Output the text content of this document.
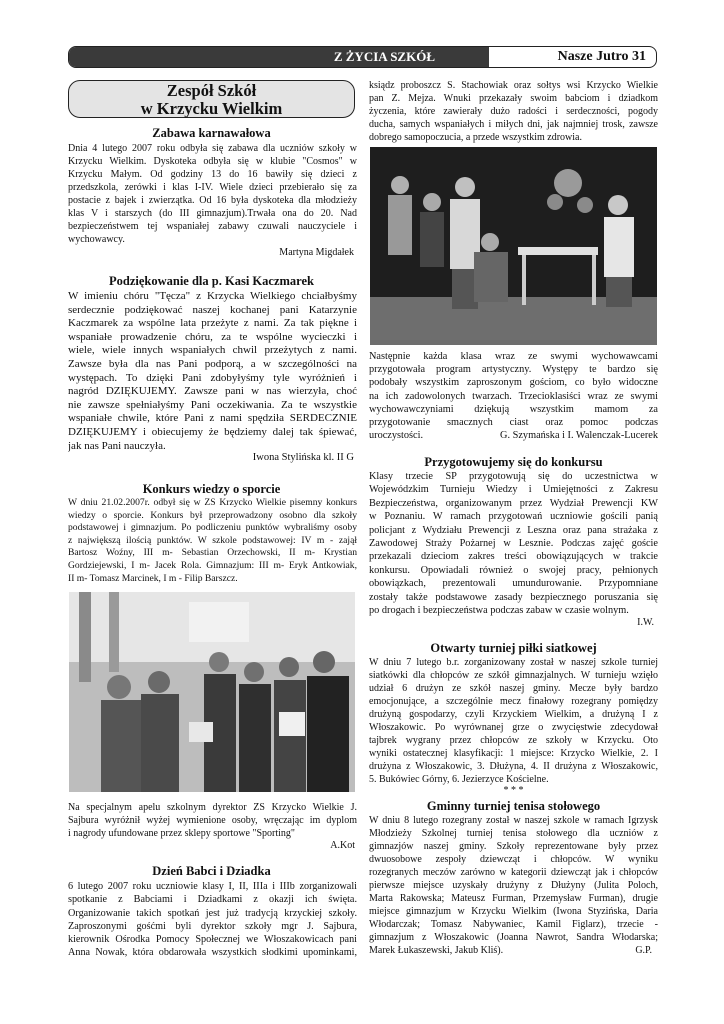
Z ŻYCIA SZKÓŁ	Nasze Jutro 31
Zespół Szkół
w Krzycku Wielkim
Zabawa karnawałowa
Dnia 4 lutego 2007 roku odbyła się zabawa dla uczniów szkoły w
Krzycku Wielkim. Dyskoteka odbyła się w klubie "Cosmos" w
Krzycku Małym. Od godziny 13 do 16 bawiły się dzieci z
przedszkola, zerówki i klas I-IV. Wiele dzieci przebierało się za
postacie z bajek i zwierzątka. Od 16 była dyskoteka dla młodzieży
klas V i starszych (do III gimnazjum).Trwała ona do 20. Nad
bezpieczeństwem tej wspaniałej zabawy czuwali nauczyciele i
wychowawcy.
Martyna Migdałek
Podziękowanie dla p. Kasi Kaczmarek
W imieniu chóru "Tęcza" z Krzycka Wielkiego chciałbyśmy
serdecznie podziękować naszej kochanej pani Katarzynie
Kaczmarek za wspólne lata przeżyte z nami. Za tak piękne i
wspaniałe prowadzenie chóru, za te wspólne wycieczki i
wiele, wiele innych wspaniałych chwil przeżytych z nami.
Zawsze była dla nas Pani podporą, a w szczególności na
występach. To dzięki Pani zdobyłyśmy tyle wyróżnień i
nagród DZIĘKUJEMY. Zawsze pani w nas wierzyła, choć
nie zawsze spełniałyśmy Pani oczekiwania. Za te wszystkie
wspaniałe chwile, które Pani z nami spędziła SERDECZNIE
DZIĘKUJEMY i obiecujemy że będziemy dalej tak śpiewać,
jak nas Pani nauczyła.
Iwona Stylińska kl. II G
Konkurs wiedzy o sporcie
W dniu 21.02.2007r. odbył się w ZS Krzycko Wielkie pisemny konkurs
wiedzy o sporcie. Konkurs był przeprowadzony osobno dla szkoły
podstawowej i gimnazjum. Po podliczeniu punktów wybraliśmy osoby
z największą ilością punktów. W szkole podstawowej: IV m - zajął
Bartosz Woźny, III m- Sebastian Orzechowski, II m- Krystian
Gordziejewski, I m- Jacek Rola. Gimnazjum: III m- Eryk Antkowiak,
II m- Tomasz Marcinek, I m - Filip Barszcz.
Na specjalnym apelu szkolnym dyrektor ZS Krzycko Wielkie J.
Sajbura wyróżnił wyżej wymienione osoby, wręczając im dyplom
i nagrody ufundowane przez sklepy sportowe "Sporting"
A.Kot
Dzień Babci i Dziadka
6 lutego 2007 roku uczniowie klasy I, II, IIIa i IIIb zorganizowali
spotkanie z Babciami i Dziadkami z okazji ich święta.
Organizowanie takich spotkań jest już tradycją krzyckiej szkoły.
Zaproszonymi gośćmi byli dyrektor szkoły mgr J. Sajbura,
kierownik Ośrodka Pomocy Społecznej we Włoszakowicach pani
Anna Nowak, która obdarowała wszystkich słodkimi upominkami,
ksiądz proboszcz S. Stachowiak oraz sołtys wsi Krzycko Wielkie
pan Z. Mejza. Wnuki przekazały swoim babciom i dziadkom
życzenia, które zawierały dużo radości i serdeczności, pogody
ducha, samych wspaniałych i miłych dni, jak najmniej trosk, zawsze
dobrego samopoczucia, a przede wszystkim zdrowia.
Następnie każda klasa wraz ze swymi wychowawcami
przygotowała program artystyczny. Występy te bardzo się
podobały wszystkim zaproszonym gościom, co było widoczne
na ich zadowolonych twarzach. Trzecioklasiści wraz ze swymi
wychowawczyniami dziękują wszystkim mamom za
przygotowanie smacznych ciast oraz pomoc podczas
uroczystości.	G. Szymańska i I. Walenczak-Lucerek
Przygotowujemy się do konkursu
Klasy trzecie SP przygotowują się do uczestnictwa w
Wojewódzkim Turnieju Wiedzy i Umiejętności z Zakresu
Bezpieczeństwa, organizowanym przez Wydział Prewencji KW
w Poznaniu. W ramach przygotowań uczniowie gościli panią
policjant z Wydziału Prewencji z Leszna oraz pana strażaka z
Zawodowej Straży Pożarnej w Lesznie. Podczas zajęć goście
przekazali dzieciom zakres treści obowiązujących w trakcie
konkursu. Opowiadali również o swojej pracy, pełnionych
obowiązkach, prezentowali umundurowanie. Przypomniane
zostały także podstawowe zasady bezpiecznego poruszania się
po drogach i bezpieczeństwa podczas zabaw w czasie wolnym.
I.W.
Otwarty turniej piłki siatkowej
W dniu 7 lutego b.r. zorganizowany został w naszej szkole turniej
siatkówki dla chłopców ze szkół gimnazjalnych. W turnieju wzięło
udział 6 drużyn ze szkół naszej gminy. Mecze były bardzo
emocjonujące, a szczególnie mecz finałowy rozegrany pomiędzy
drużyną gospodarzy, czyli Krzyckiem Wielkim, a drużyną I z
Włoszakowic. Po wyrównanej grze o zwycięstwie zdecydował
tajbrek wygrany przez chłopców ze szkoły w Krzycku. Oto
wyniki ostatecznej klasyfikacji: 1 miejsce: Krzycko Wielkie, 2. I
drużyna z Włoszakowic, 3. Dłużyna, 4. II drużyna z Włoszakowic,
5. Bukówiec Górny, 6. Jezierzyce Kościelne.
* * *
Gminny turniej tenisa stołowego
W dniu 8 lutego rozegrany został w naszej szkole w ramach Igrzysk
Młodzieży Szkolnej turniej tenisa stołowego dla uczniów z
gimnazjów naszej gminy. Szkoły reprezentowane były przez
dwuosobowe zespoły dziewcząt i chłopców. W wyniku
rozegranych meczów zarówno w kategorii dziewcząt jak i chłopców
pierwsze miejsce uzyskały drużyny z Dłużyny (Julita Poloch,
Marta Rakowska; Mateusz Furman, Przemysław Furman), drugie
miejsce gimnazjum w Krzycku Wielkim (Iwona Styzińska, Daria
Włodarczak; Tomasz Nabywaniec, Kamil Figlarz), trzecie -
gimnazjum z Włoszakowic (Joanna Nawrot, Sandra Włodarska;
Marek Łukaszewski, Jakub Kliś).	G.P.
